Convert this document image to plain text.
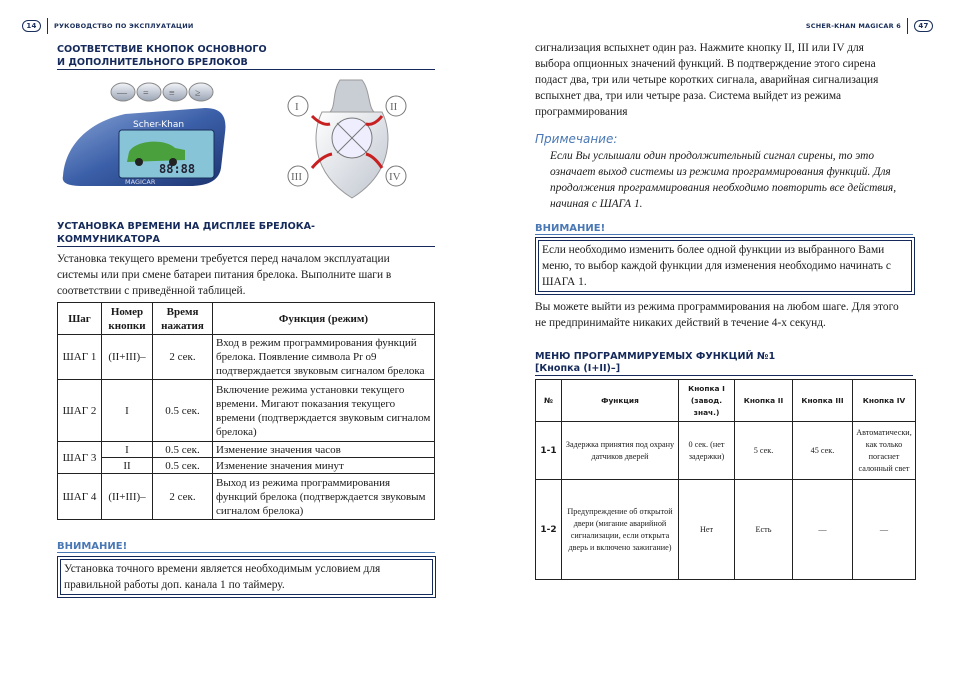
14	РУКОВОДСТВО ПО ЭКСПЛУАТАЦИИ	SCHER-KHAN MAGICAR 6	47
СООТВЕТСТВИЕ КНОПОК ОСНОВНОГО
И ДОПОЛНИТЕЛЬНОГО БРЕЛОКОВ
88:88
Scher-Khan
MAGICAR
— = ≡ ≥
I	II
III	IV
УСТАНОВКА ВРЕМЕНИ НА ДИСПЛЕЕ БРЕЛОКА-
КОММУНИКАТОРА
Установка текущего времени требуется перед началом эксплуатации
системы или при смене батареи питания брелока. Выполните шаги в
соответствии с приведённой таблицей.
Шаг	Номер кнопки	Время нажатия	Функция (режим)
ШАГ 1	(II+III)–	2 сек.	Вход в режим программирования функций брелока. Появление символа Pr o9 подтверждается звуковым сигналом брелока
ШАГ 2	I	0.5 сек.	Включение режима установки текущего времени. Мигают показания текущего времени (подтверждается звуковым сигналом брелока)
ШАГ 3	I	0.5 сек.	Изменение значения часов
	II	0.5 сек.	Изменение значения минут
ШАГ 4	(II+III)–	2 сек.	Выход из режима программирования функций брелока (подтверждается звуковым сигналом брелока)
ВНИМАНИЕ!
Установка точного времени является необходимым условием для
правильной работы доп. канала 1 по таймеру.
сигнализация вспыхнет один раз. Нажмите кнопку II, III или IV для
выбора опционных значений функций. В подтверждение этого сирена
подаст два, три или четыре коротких сигнала, аварийная сигнализация
вспыхнет два, три или четыре раза. Система выйдет из режима
программирования
Примечание:
Если Вы услышали один продолжительный сигнал сирены, то это
означает выход системы из режима программирования функций. Для
продолжения программирования необходимо повторить все действия,
начиная с ШАГА 1.
ВНИМАНИЕ!
Если необходимо изменить более одной функции из выбранного Вами
меню, то выбор каждой функции для изменения необходимо начинать с
ШАГА 1.
Вы можете выйти из режима программирования на любом шаге. Для этого
не предпринимайте никаких действий в течение 4-х секунд.
МЕНЮ ПРОГРАММИРУЕМЫХ ФУНКЦИЙ №1
[Кнопка (I+II)–]
№	Функция	Кнопка I (завод. знач.)	Кнопка II	Кнопка III	Кнопка IV
1-1	Задержка принятия под охрану датчиков дверей	0 сек. (нет задержки)	5 сек.	45 сек.	Автоматически, как только погаснет салонный свет
1-2	Предупреждение об открытой двери (мигание аварийной сигнализации, если открыта дверь и включено зажигание)	Нет	Есть	—	—
